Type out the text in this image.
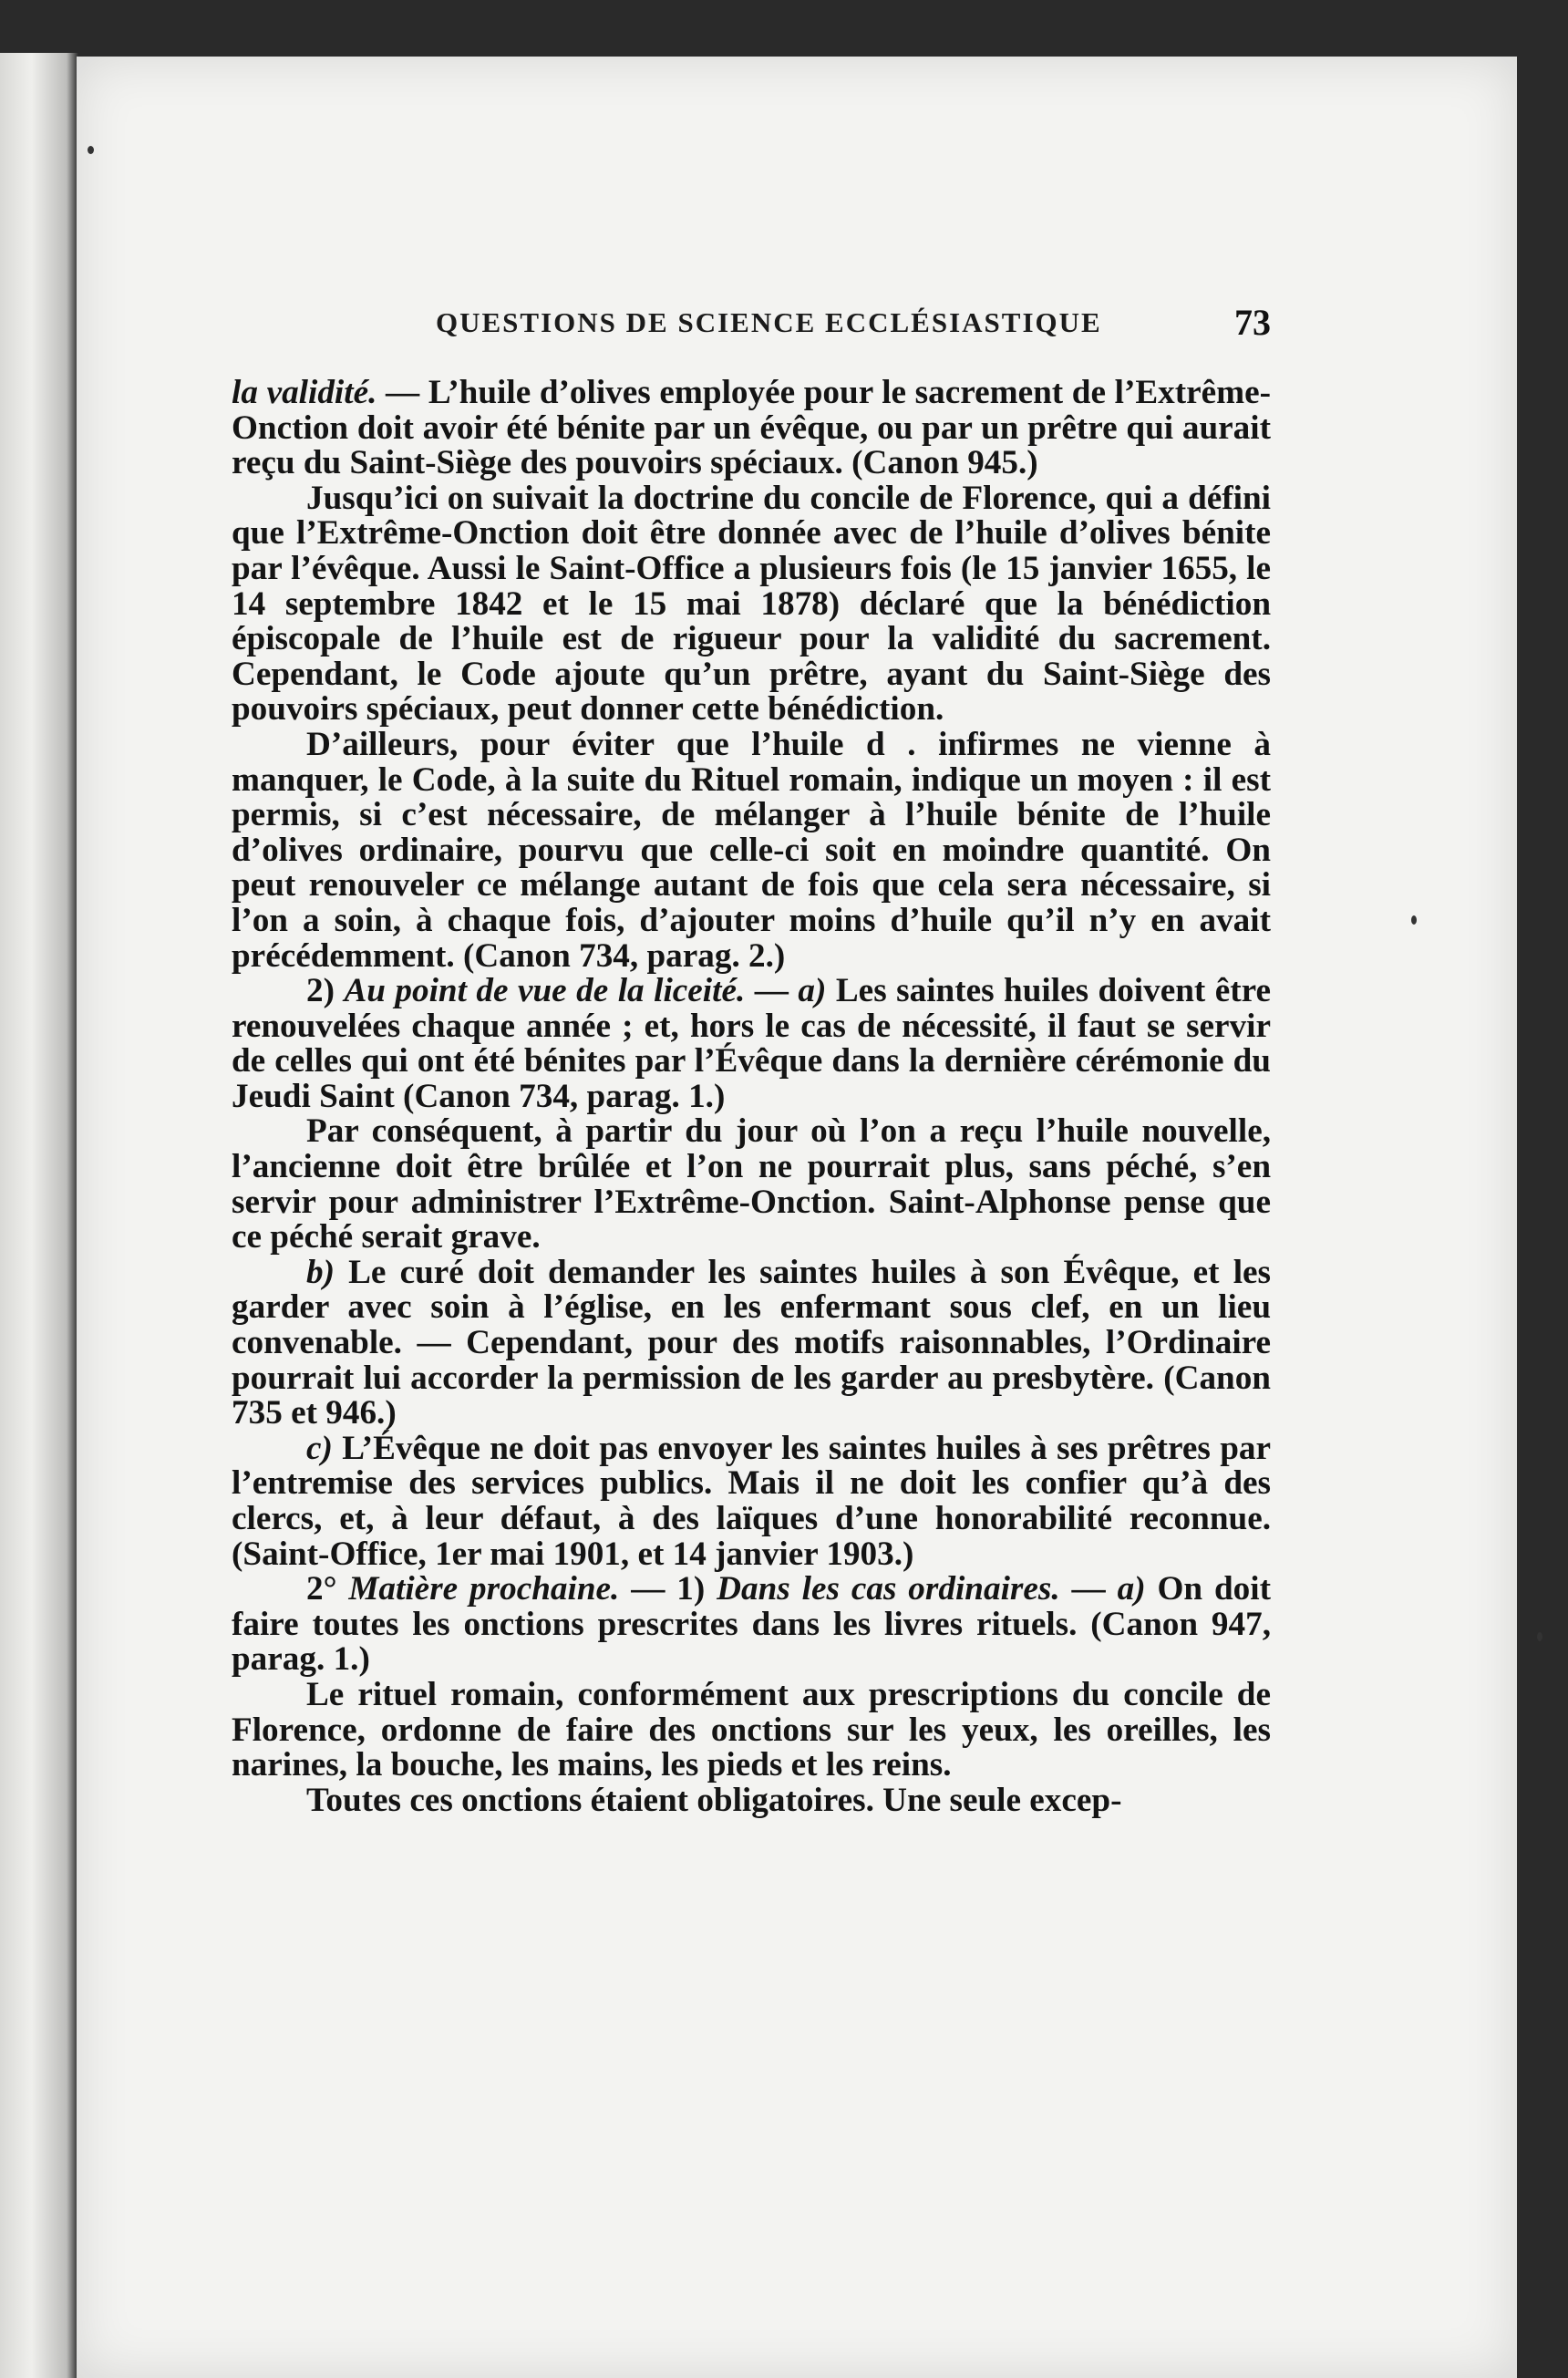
QUESTIONS DE SCIENCE ECCLÉSIASTIQUE	73

la validité. — L’huile d’olives employée pour le sacrement de l’Extrême-Onction doit avoir été bénite par un évêque, ou par un prêtre qui aurait reçu du Saint-Siège des pouvoirs spéciaux. (Canon 945.)

Jusqu’ici on suivait la doctrine du concile de Florence, qui a défini que l’Extrême-Onction doit être donnée avec de l’huile d’olives bénite par l’évêque. Aussi le Saint-Office a plusieurs fois (le 15 janvier 1655, le 14 septembre 1842 et le 15 mai 1878) déclaré que la bénédiction épiscopale de l’huile est de rigueur pour la validité du sacrement. Cependant, le Code ajoute qu’un prêtre, ayant du Saint-Siège des pouvoirs spéciaux, peut donner cette bénédiction.

D’ailleurs, pour éviter que l’huile d . infirmes ne vienne à manquer, le Code, à la suite du Rituel romain, indique un moyen : il est permis, si c’est nécessaire, de mélanger à l’huile bénite de l’huile d’olives ordinaire, pourvu que celle-ci soit en moindre quantité. On peut renouveler ce mélange autant de fois que cela sera nécessaire, si l’on a soin, à chaque fois, d’ajouter moins d’huile qu’il n’y en avait précédemment. (Canon 734, parag. 2.)

2) Au point de vue de la liceité. — a) Les saintes huiles doivent être renouvelées chaque année ; et, hors le cas de nécessité, il faut se servir de celles qui ont été bénites par l’Évêque dans la dernière cérémonie du Jeudi Saint (Canon 734, parag. 1.)

Par conséquent, à partir du jour où l’on a reçu l’huile nouvelle, l’ancienne doit être brûlée et l’on ne pourrait plus, sans péché, s’en servir pour administrer l’Extrême-Onction. Saint-Alphonse pense que ce péché serait grave.

b) Le curé doit demander les saintes huiles à son Évêque, et les garder avec soin à l’église, en les enfermant sous clef, en un lieu convenable. — Cependant, pour des motifs raisonnables, l’Ordinaire pourrait lui accorder la permission de les garder au presbytère. (Canon 735 et 946.)

c) L’Évêque ne doit pas envoyer les saintes huiles à ses prêtres par l’entremise des services publics. Mais il ne doit les confier qu’à des clercs, et, à leur défaut, à des laïques d’une honorabilité reconnue. (Saint-Office, 1er mai 1901, et 14 janvier 1903.)

2° Matière prochaine. — 1) Dans les cas ordinaires. — a) On doit faire toutes les onctions prescrites dans les livres rituels. (Canon 947, parag. 1.)

Le rituel romain, conformément aux prescriptions du concile de Florence, ordonne de faire des onctions sur les yeux, les oreilles, les narines, la bouche, les mains, les pieds et les reins.

Toutes ces onctions étaient obligatoires. Une seule excep-
